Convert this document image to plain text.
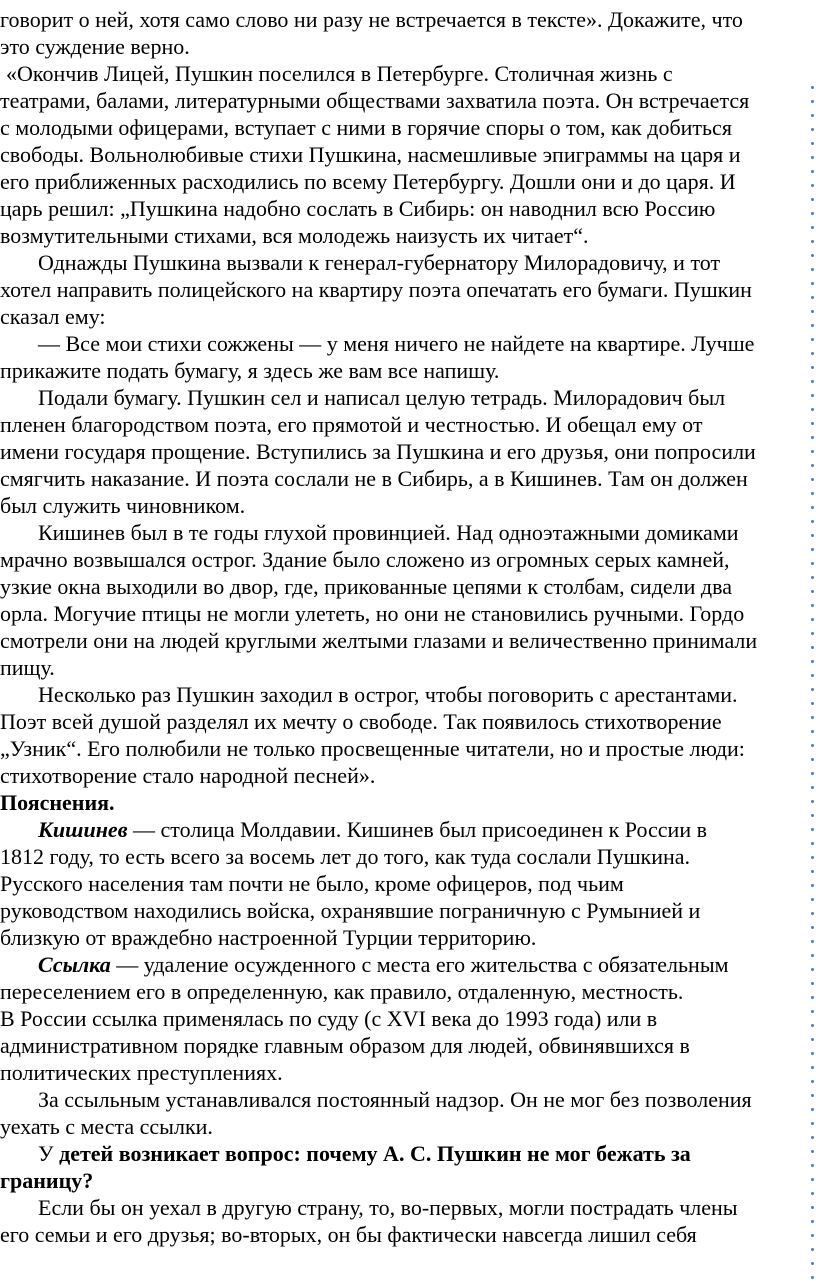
говорит о ней, хотя само слово ни разу не встречается в тексте». Докажите, что
это суждение верно.
«Окончив Лицей, Пушкин поселился в Петербурге. Столичная жизнь с
театрами, балами, литературными обществами захватила поэта. Он встречается
с молодыми офицерами, вступает с ними в горячие споры о том, как добиться
свободы. Вольнолюбивые стихи Пушкина, насмешливые эпиграммы на царя и
его приближенных расходились по всему Петербургу. Дошли они и до царя. И
царь решил: „Пушкина надобно сослать в Сибирь: он наводнил всю Россию
возмутительными стихами, вся молодежь наизусть их читает“.
Однажды Пушкина вызвали к генерал-губернатору Милорадовичу, и тот
хотел направить полицейского на квартиру поэта опечатать его бумаги. Пушкин
сказал ему:
— Все мои стихи сожжены — у меня ничего не найдете на квартире. Лучше
прикажите подать бумагу, я здесь же вам все напишу.
Подали бумагу. Пушкин сел и написал целую тетрадь. Милорадович был
пленен благородством поэта, его прямотой и честностью. И обещал ему от
имени государя прощение. Вступились за Пушкина и его друзья, они попросили
смягчить наказание. И поэта сослали не в Сибирь, а в Кишинев. Там он должен
был служить чиновником.
Кишинев был в те годы глухой провинцией. Над одноэтажными домиками
мрачно возвышался острог. Здание было сложено из огромных серых камней,
узкие окна выходили во двор, где, прикованные цепями к столбам, сидели два
орла. Могучие птицы не могли улететь, но они не становились ручными. Гордо
смотрели они на людей круглыми желтыми глазами и величественно принимали
пищу.
Несколько раз Пушкин заходил в острог, чтобы поговорить с арестантами.
Поэт всей душой разделял их мечту о свободе. Так появилось стихотворение
„Узник“. Его полюбили не только просвещенные читатели, но и простые люди:
стихотворение стало народной песней».
Пояснения.
Кишинев — столица Молдавии. Кишинев был присоединен к России в
1812 году, то есть всего за восемь лет до того, как туда сослали Пушкина.
Русского населения там почти не было, кроме офицеров, под чьим
руководством находились войска, охранявшие пограничную с Румынией и
близкую от враждебно настроенной Турции территорию.
Ссылка — удаление осужденного с места его жительства с обязательным
переселением его в определенную, как правило, отдаленную, местность.
В России ссылка применялась по суду (с XVI века до 1993 года) или в
административном порядке главным образом для людей, обвинявшихся в
политических преступлениях.
За ссыльным устанавливался постоянный надзор. Он не мог без позволения
уехать с места ссылки.
У детей возникает вопрос: почему А. С. Пушкин не мог бежать за
границу?
Если бы он уехал в другую страну, то, во-первых, могли пострадать члены
его семьи и его друзья; во-вторых, он бы фактически навсегда лишил себя
